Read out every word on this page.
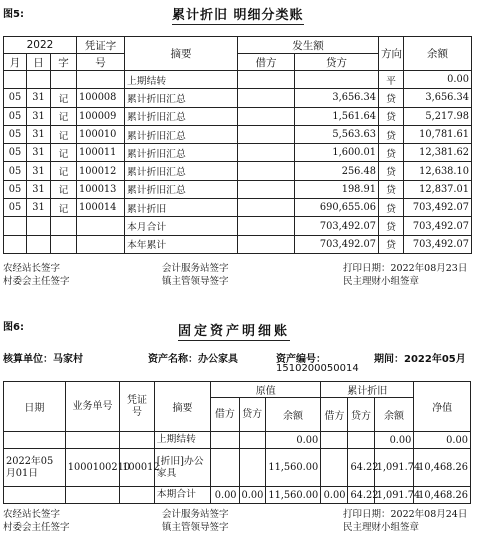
图5:	累计折旧 明细分类账
2022			凭证字	摘要	发生额		方向	余额
月	日	字	号		借方	贷方		
				上期结转			平	0.00
05	31	记	100008	累计折旧汇总		3,656.34	贷	3,656.34
05	31	记	100009	累计折旧汇总		1,561.64	贷	5,217.98
05	31	记	100010	累计折旧汇总		5,563.63	贷	10,781.61
05	31	记	100011	累计折旧汇总		1,600.01	贷	12,381.62
05	31	记	100012	累计折旧汇总		256.48	贷	12,638.10
05	31	记	100013	累计折旧汇总		198.91	贷	12,837.01
05	31	记	100014	累计折旧		690,655.06	贷	703,492.07
				本月合计		703,492.07	贷	703,492.07
				本年累计		703,492.07	贷	703,492.07
农经站长签字
村委会主任签字
会计服务站签字
镇主管领导签字
打印日期：2022年08月23日
民主理财小组签章
图6:	固定资产明细账
核算单位：马家村	资产名称：办公家具	资产编号：
1510200050014
期间：2022年05月
日期	业务单号	凭证号	摘要	原值			累计折旧			净值
				借方	贷方	余额	借方	贷方	余额	
			上期结转			0.00			0.00	0.00
2022年05月01日	1000100210	100012	[折旧]办公家具			11,560.00		64.22	1,091.74	10,468.26
			本期合计	0.00	0.00	11,560.00	0.00	64.22	1,091.74	10,468.26
农经站长签字
村委会主任签字
会计服务站签字
镇主管领导签字
打印日期：2022年08月24日
民主理财小组签章
